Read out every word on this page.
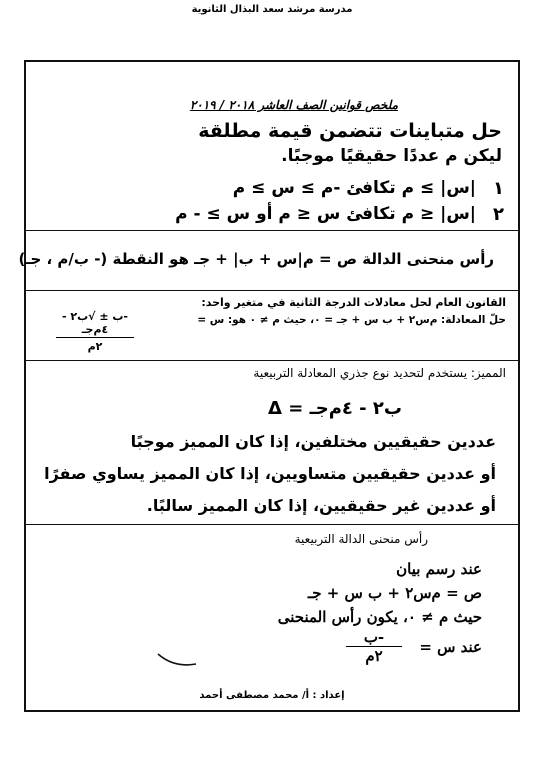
مدرسة مرشد سعد البذال الثانوية
ملخص قوانين الصف العاشر ٢٠١٨ / ٢٠١٩
حل متباينات تتضمن قيمة مطلقة
ليكن ﻡ عددًا حقيقيًا موجبًا.
١
|س| ≥ ﻡ تكافئ -ﻡ ≥ س ≥ ﻡ
٢
|س| ≤ ﻡ تكافئ س ≤ ﻡ أو س ≥ - ﻡ
رأس منحنى الدالة ص = ﻡ|س + ب| + جـ هو النقطة (- ب/ﻡ ، جـ)
القانون العام لحل معادلات الدرجة الثانية في متغير واحد:
حلّ المعادلة: ﻡس٢ + ب س + جـ = ٠، حيث ﻡ ≠ ٠ هو: س =
-ب ± √ب٢ - ٤ﻡجـ
٢ﻡ
المميز: يستخدم لتحديد نوع جذري المعادلة التربيعية
Δ = ب٢ - ٤ﻡجـ
عددين حقيقيين مختلفين، إذا كان المميز موجبًا
أو عددين حقيقيين متساويين، إذا كان المميز يساوي صفرًا
أو عددين غير حقيقيين، إذا كان المميز سالبًا.
رأس منحنى الدالة التربيعية
عند رسم بيان
ص = ﻡس٢ + ب س + جـ
حيث ﻡ ≠ ٠، يكون رأس المنحنى
عند س =
-ب
٢ﻡ
إعداد : أ/ محمد مصطفى أحمد
